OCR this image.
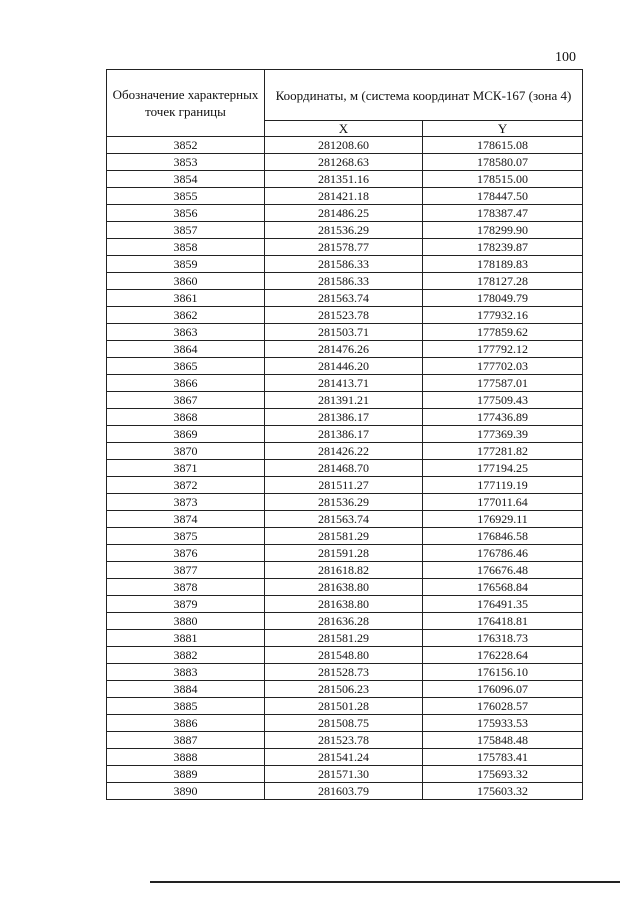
100
Обозначение характерных точек границы	Координаты, м (система координат МСК-167 (зона 4)	
	X	Y
3852	281208.60	178615.08
3853	281268.63	178580.07
3854	281351.16	178515.00
3855	281421.18	178447.50
3856	281486.25	178387.47
3857	281536.29	178299.90
3858	281578.77	178239.87
3859	281586.33	178189.83
3860	281586.33	178127.28
3861	281563.74	178049.79
3862	281523.78	177932.16
3863	281503.71	177859.62
3864	281476.26	177792.12
3865	281446.20	177702.03
3866	281413.71	177587.01
3867	281391.21	177509.43
3868	281386.17	177436.89
3869	281386.17	177369.39
3870	281426.22	177281.82
3871	281468.70	177194.25
3872	281511.27	177119.19
3873	281536.29	177011.64
3874	281563.74	176929.11
3875	281581.29	176846.58
3876	281591.28	176786.46
3877	281618.82	176676.48
3878	281638.80	176568.84
3879	281638.80	176491.35
3880	281636.28	176418.81
3881	281581.29	176318.73
3882	281548.80	176228.64
3883	281528.73	176156.10
3884	281506.23	176096.07
3885	281501.28	176028.57
3886	281508.75	175933.53
3887	281523.78	175848.48
3888	281541.24	175783.41
3889	281571.30	175693.32
3890	281603.79	175603.32
